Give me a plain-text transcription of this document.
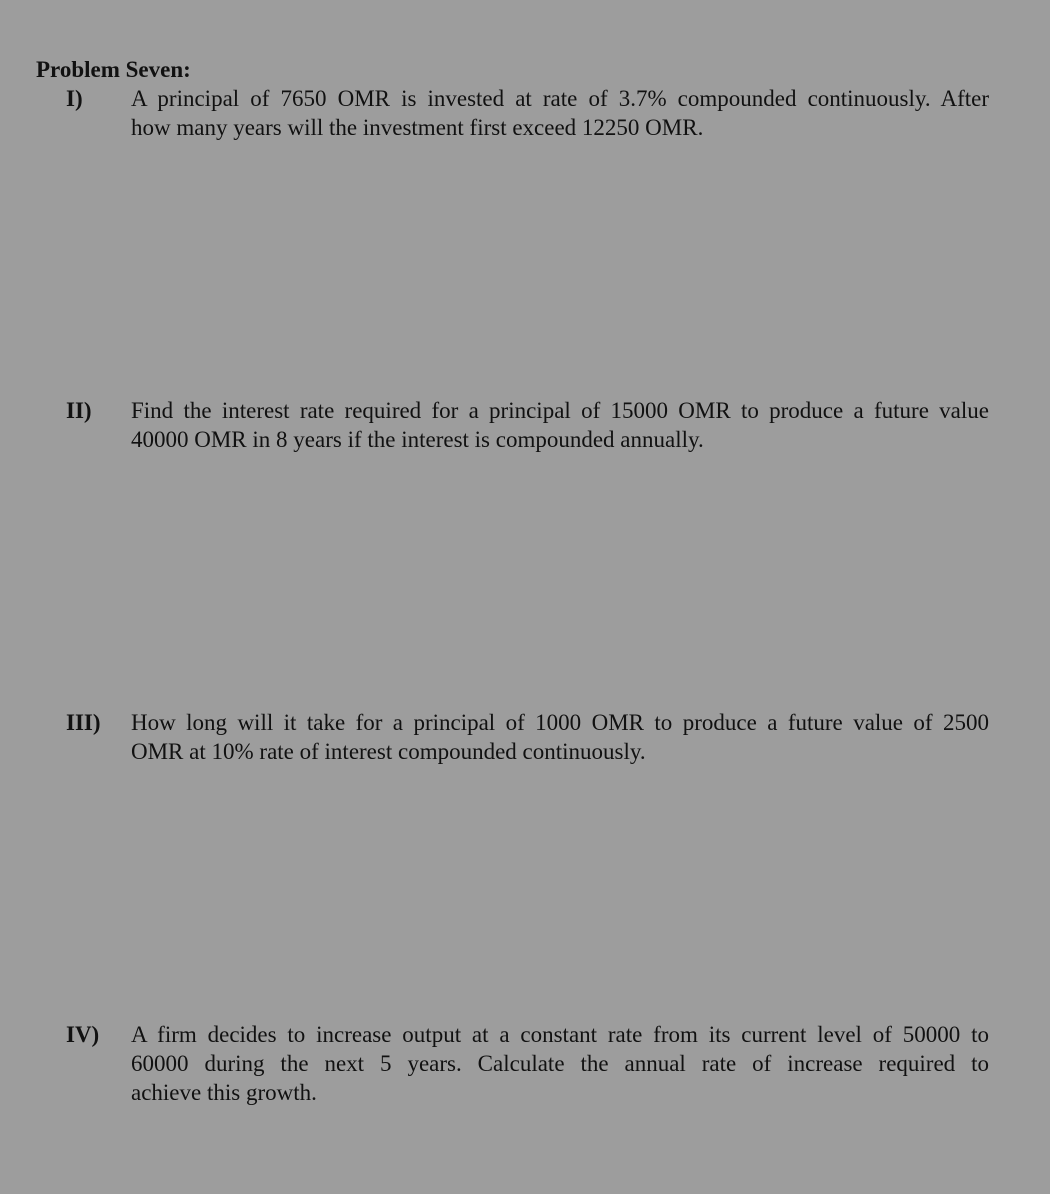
Problem Seven:
I) A principal of 7650 OMR is invested at rate of 3.7% compounded continuously. After
how many years will the investment first exceed 12250 OMR.
II) Find the interest rate required for a principal of 15000 OMR to produce a future value
40000 OMR in 8 years if the interest is compounded annually.
III) How long will it take for a principal of 1000 OMR to produce a future value of 2500
OMR at 10% rate of interest compounded continuously.
IV) A firm decides to increase output at a constant rate from its current level of 50000 to
60000 during the next 5 years. Calculate the annual rate of increase required to
achieve this growth.
